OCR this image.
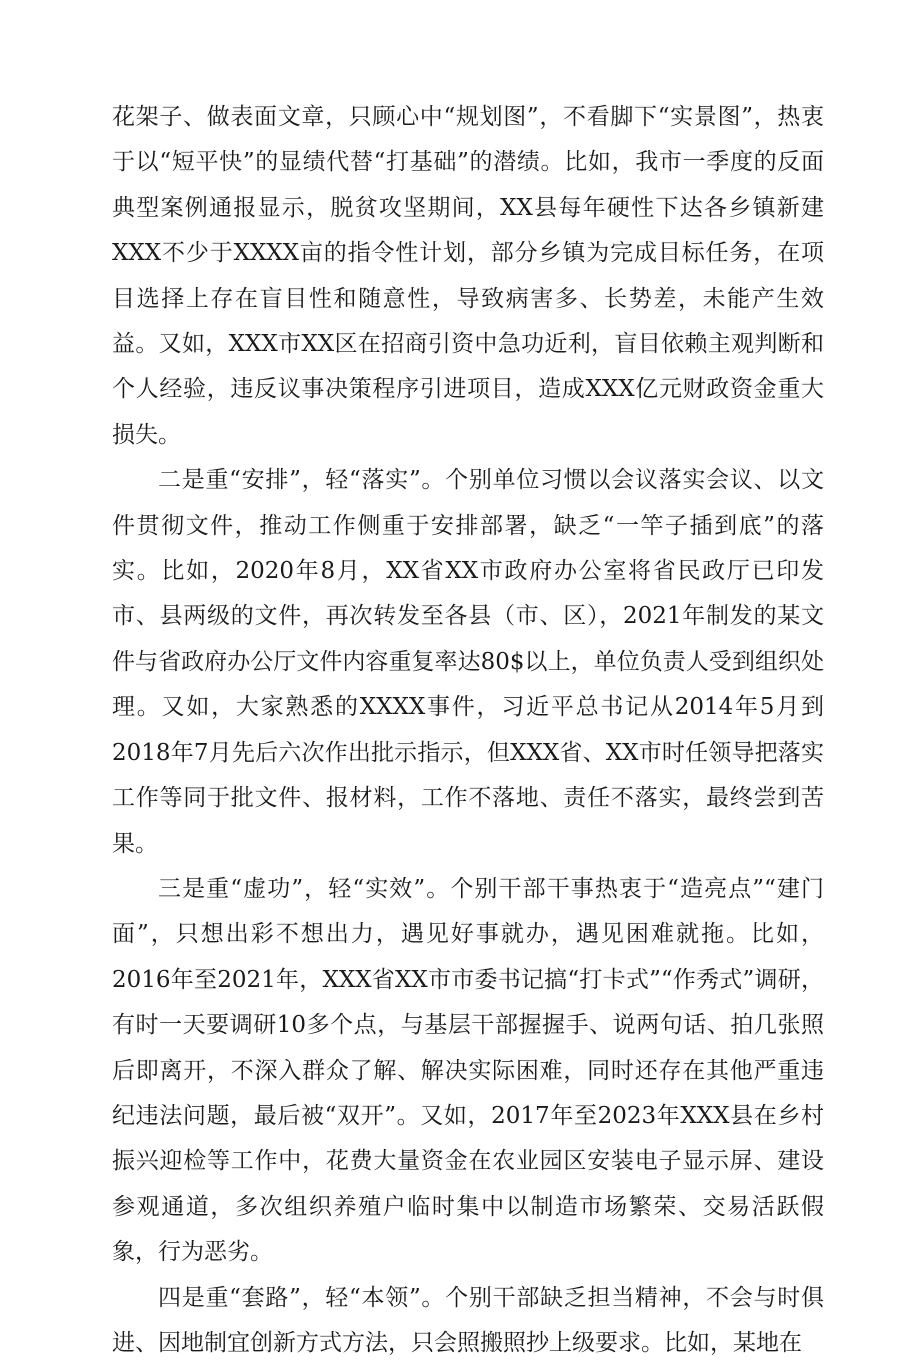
花架子、做表面文章，只顾心中“规划图”，不看脚下“实景图”，热衷于以“短平快”的显绩代替“打基础”的潜绩。比如，我市一季度的反面典型案例通报显示，脱贫攻坚期间，XX县每年硬性下达各乡镇新建XXX不少于XXXX亩的指令性计划，部分乡镇为完成目标任务，在项目选择上存在盲目性和随意性，导致病害多、长势差，未能产生效益。又如，XXX市XX区在招商引资中急功近利，盲目依赖主观判断和个人经验，违反议事决策程序引进项目，造成XXX亿元财政资金重大损失。

二是重“安排”，轻“落实”。个别单位习惯以会议落实会议、以文件贯彻文件，推动工作侧重于安排部署，缺乏“一竿子插到底”的落实。比如，2020年8月，XX省XX市政府办公室将省民政厅已印发市、县两级的文件，再次转发至各县（市、区），2021年制发的某文件与省政府办公厅文件内容重复率达80$以上，单位负责人受到组织处理。又如，大家熟悉的XXXX事件，习近平总书记从2014年5月到2018年7月先后六次作出批示指示，但XXX省、XX市时任领导把落实工作等同于批文件、报材料，工作不落地、责任不落实，最终尝到苦果。

三是重“虚功”，轻“实效”。个别干部干事热衷于“造亮点”“建门面”，只想出彩不想出力，遇见好事就办，遇见困难就拖。比如，2016年至2021年，XXX省XX市市委书记搞“打卡式”“作秀式”调研，有时一天要调研10多个点，与基层干部握握手、说两句话、拍几张照后即离开，不深入群众了解、解决实际困难，同时还存在其他严重违纪违法问题，最后被“双开”。又如，2017年至2023年XXX县在乡村振兴迎检等工作中，花费大量资金在农业园区安装电子显示屏、建设参观通道，多次组织养殖户临时集中以制造市场繁荣、交易活跃假象，行为恶劣。

四是重“套路”，轻“本领”。个别干部缺乏担当精神，不会与时俱进、因地制宜创新方式方法，只会照搬照抄上级要求。比如，某地在
